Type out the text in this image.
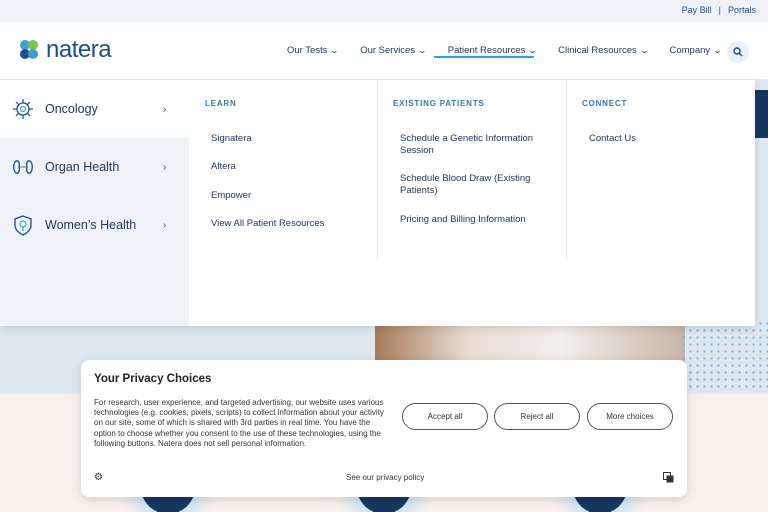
Pay Bill | Portals
natera	Our Tests ⌄ Our Services ⌄ Patient Resources ⌄ Clinical Resources ⌄ Company ⌄
Oncology	›
Organ Health	›
Women’s Health	›
LEARN
Signatera
Altera
Empower
View All Patient Resources
EXISTING PATIENTS
Schedule a Genetic Information Session
Schedule Blood Draw (Existing Patients)
Pricing and Billing Information
CONNECT
Contact Us
Your Privacy Choices
For research, user experience, and targeted advertising, our website uses various technologies (e.g. cookies, pixels, scripts) to collect information about your activity on our site, some of which is shared with 3rd parties in real time. You have the option to choose whether you consent to the use of these technologies, using the following buttons. Natera does not sell personal information.
Accept all	Reject all	More choices
⚙	See our privacy policy
